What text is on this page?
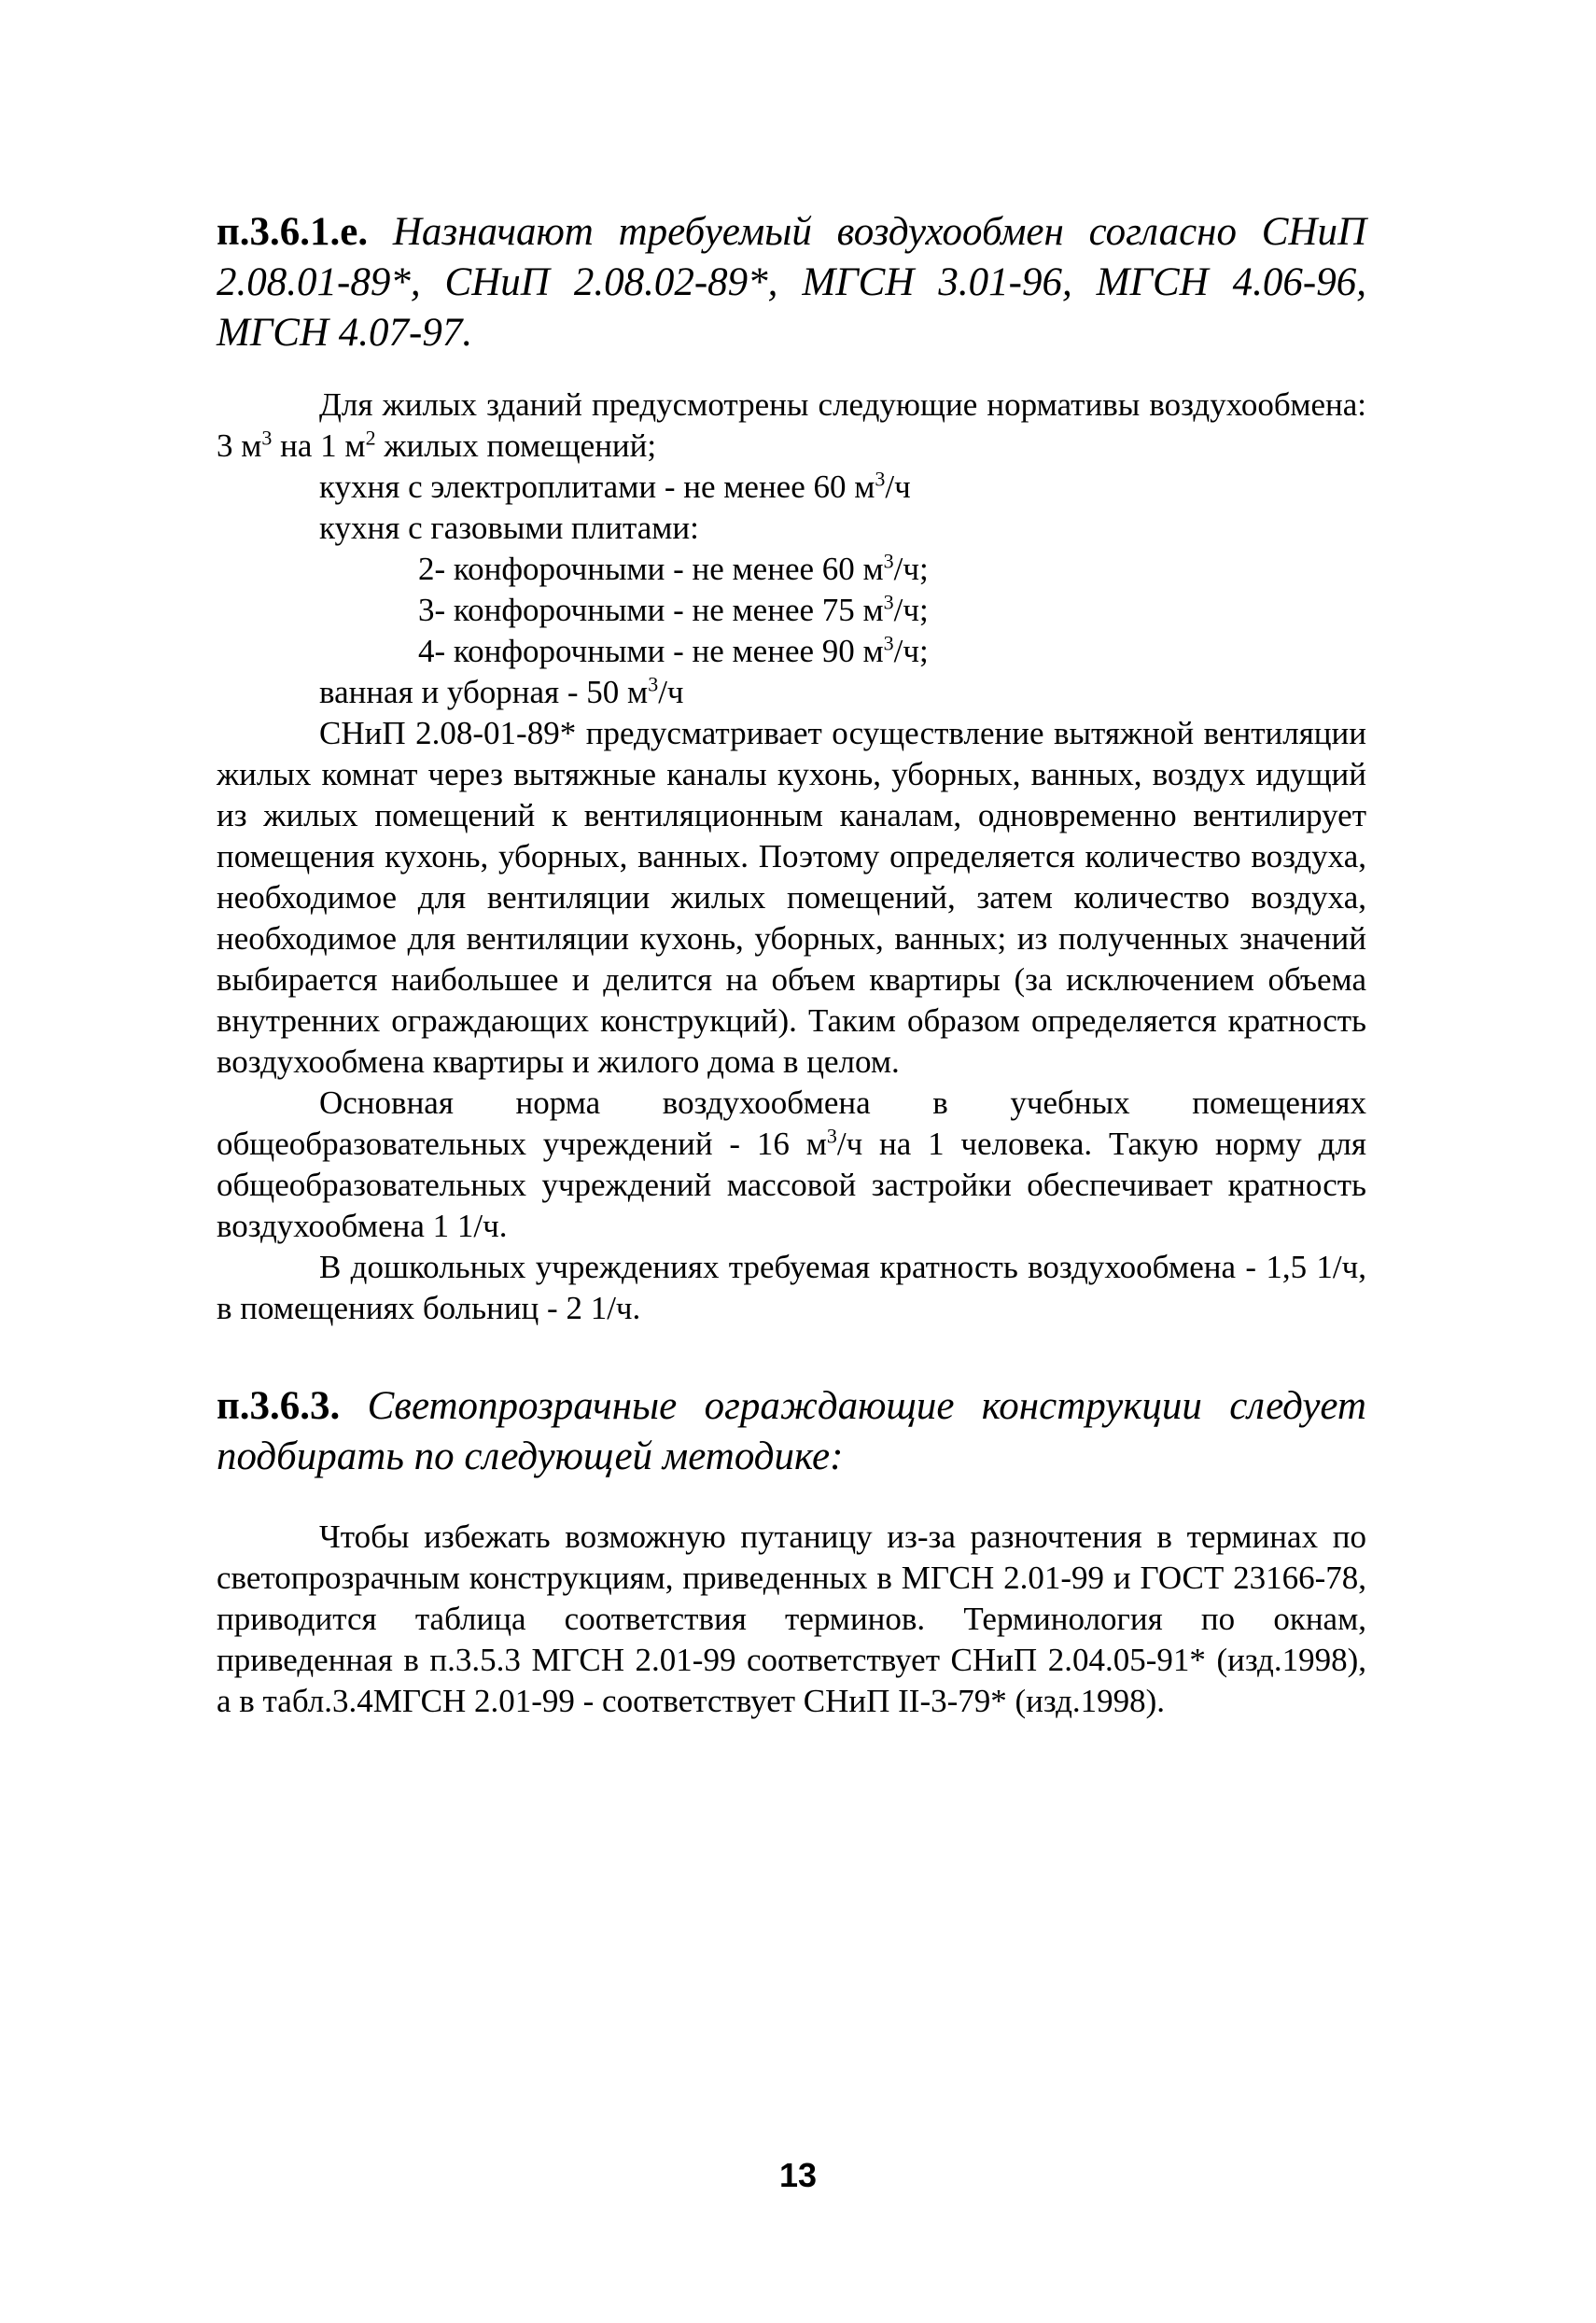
п.3.6.1.е. Назначают требуемый воздухообмен согласно СНиП 2.08.01-89*, СНиП 2.08.02-89*, МГСН 3.01-96, МГСН 4.06-96, МГСН 4.07-97.

Для жилых зданий предусмотрены следующие нормативы воздухообмена: 3 $м^3$ на 1 $м^2$ жилых помещений;

кухня с электроплитами - не менее 60 $м^3/ч$
кухня с газовыми плитами:
2- конфорочными - не менее 60 $м^3/ч$;
3- конфорочными - не менее 75 $м^3/ч$;
4- конфорочными - не менее 90 $м^3/ч$;
ванная и уборная - 50 $м^3/ч$

СНиП 2.08-01-89* предусматривает осуществление вытяжной вентиляции жилых комнат через вытяжные каналы кухонь, уборных, ванных, воздух идущий из жилых помещений к вентиляционным каналам, одновременно вентилирует помещения кухонь, уборных, ванных. Поэтому определяется количество воздуха, необходимое для вентиляции жилых помещений, затем количество воздуха, необходимое для вентиляции кухонь, уборных, ванных; из полученных значений выбирается наибольшее и делится на объем квартиры (за исключением объема внутренних ограждающих конструкций). Таким образом определяется кратность воздухообмена квартиры и жилого дома в целом.

Основная норма воздухообмена в учебных помещениях общеобразовательных учреждений - 16 $м^3/ч$ на 1 человека. Такую норму для общеобразовательных учреждений массовой застройки обеспечивает кратность воздухообмена 1 1/ч.

В дошкольных учреждениях требуемая кратность воздухообмена - 1,5 1/ч, в помещениях больниц - 2 1/ч.

п.3.6.3. Светопрозрачные ограждающие конструкции следует подбирать по следующей методике:

Чтобы избежать возможную путаницу из-за разночтения в терминах по светопрозрачным конструкциям, приведенных в МГСН 2.01-99 и ГОСТ 23166-78, приводится таблица соответствия терминов. Терминология по окнам, приведенная в п.3.5.3 МГСН 2.01-99 соответствует СНиП 2.04.05-91* (изд.1998), а в табл.3.4МГСН 2.01-99 - соответствует СНиП II-3-79* (изд.1998).

13
